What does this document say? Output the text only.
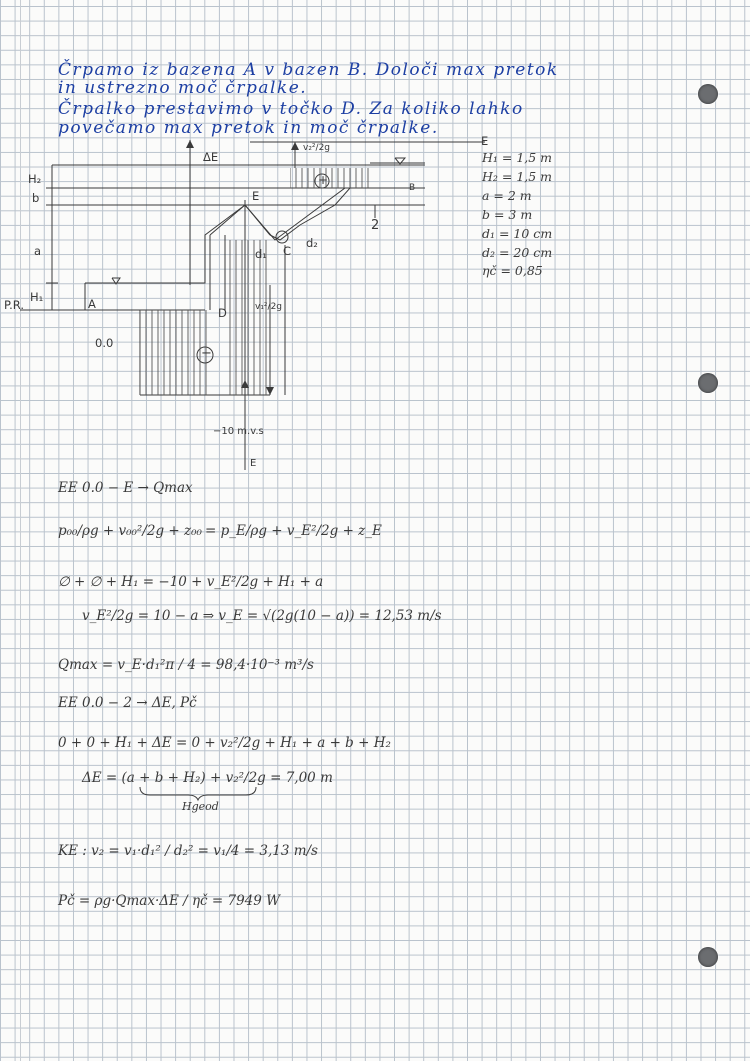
Črpamo iz bazena A v bazen B. Določi max pretok
in ustrezno moč črpalke.
Črpalko prestavimo v točko D. Za koliko lahko
povečamo max pretok in moč črpalke.
E
ΔE
v₂²/2g
H₂
b
a
H₁
P.R.	A
B
0.0
D
C
E
d₁
d₂
2
v₁²/2g
+
−
−10 m.v.s
E
H₁ = 1,5 m
H₂ = 1,5 m
a = 2 m
b = 3 m
d₁ = 10 cm
d₂ = 20 cm
ηč = 0,85
EE 0.0 − E → Qmax
p₀₀/ρg + v₀₀²/2g + z₀₀ = p_E/ρg + v_E²/2g + z_E
∅ + ∅ + H₁ = −10 + v_E²/2g + H₁ + a
v_E²/2g = 10 − a ⇒ v_E = √(2g(10 − a)) = 12,53 m/s
Qmax = v_E·d₁²π / 4 = 98,4·10⁻³ m³/s
EE 0.0 − 2 → ΔE, Pč
0 + 0 + H₁ + ΔE = 0 + v₂²/2g + H₁ + a + b + H₂
ΔE = (a + b + H₂) + v₂²/2g = 7,00 m
Hgeod
KE : v₂ = v₁·d₁² / d₂² = v₁/4 = 3,13 m/s
Pč = ρg·Qmax·ΔE / ηč = 7949 W
